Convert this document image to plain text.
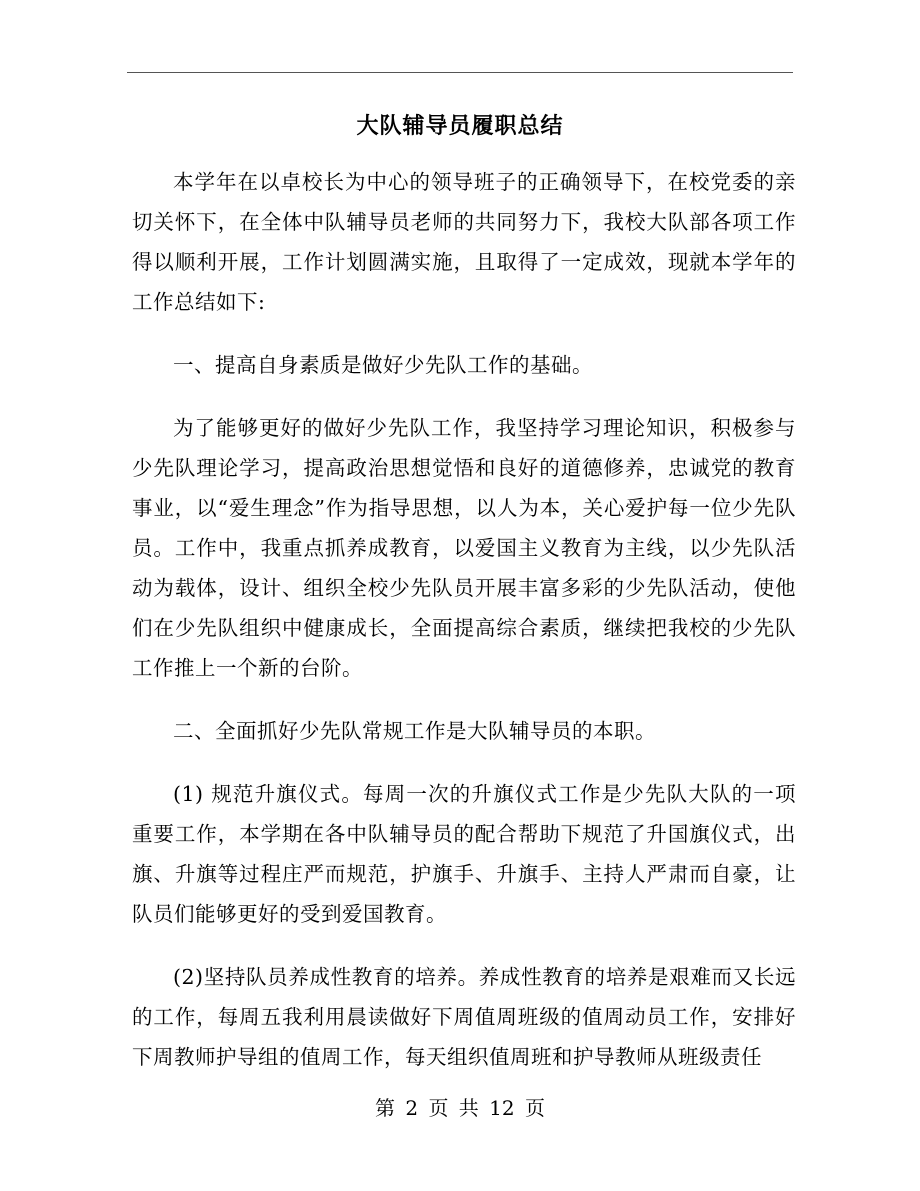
大队辅导员履职总结

本学年在以卓校长为中心的领导班子的正确领导下，在校党委的亲切关怀下，在全体中队辅导员老师的共同努力下，我校大队部各项工作得以顺利开展，工作计划圆满实施，且取得了一定成效，现就本学年的工作总结如下:

一、提高自身素质是做好少先队工作的基础。

为了能够更好的做好少先队工作，我坚持学习理论知识，积极参与少先队理论学习，提高政治思想觉悟和良好的道德修养，忠诚党的教育事业，以“爱生理念”作为指导思想，以人为本，关心爱护每一位少先队员。工作中，我重点抓养成教育，以爱国主义教育为主线，以少先队活动为载体，设计、组织全校少先队员开展丰富多彩的少先队活动，使他们在少先队组织中健康成长，全面提高综合素质，继续把我校的少先队工作推上一个新的台阶。

二、全面抓好少先队常规工作是大队辅导员的本职。

(1) 规范升旗仪式。每周一次的升旗仪式工作是少先队大队的一项重要工作，本学期在各中队辅导员的配合帮助下规范了升国旗仪式，出旗、升旗等过程庄严而规范，护旗手、升旗手、主持人严肃而自豪，让队员们能够更好的受到爱国教育。

(2)坚持队员养成性教育的培养。养成性教育的培养是艰难而又长远的工作，每周五我利用晨读做好下周值周班级的值周动员工作，安排好下周教师护导组的值周工作，每天组织值周班和护导教师从班级责任

第 2 页 共 12 页
